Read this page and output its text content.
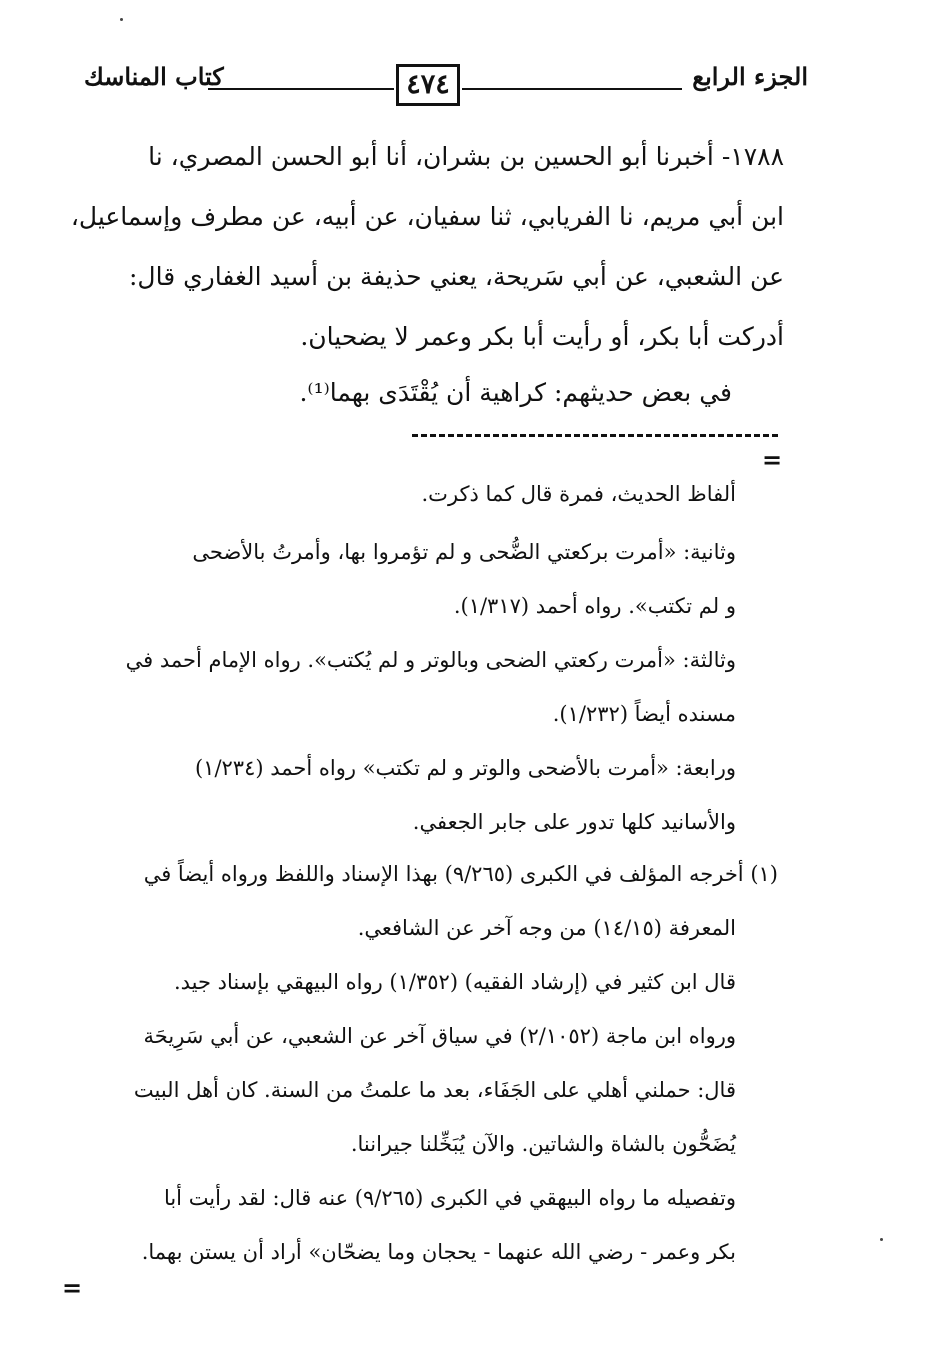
الجزء الرابع
٤٧٤
كتاب المناسك
١٧٨٨- أخبرنا أبو الحسين بن بشران، أنا أبو الحسن المصري، نا
ابن أبي مريم، نا الفريابي، ثنا سفيان، عن أبيه، عن مطرف وإسماعيل،
عن الشعبي، عن أبي سَريحة، يعني حذيفة بن أسيد الغفاري قال:
أدركت أبا بكر، أو رأيت أبا بكر وعمر لا يضحيان.
في بعض حديثهم: كراهية أن يُقْتَدَى بهما⁽¹⁾.
=
ألفاظ الحديث، فمرة قال كما ذكرت.
وثانية: «أمرت بركعتي الضُّحى و لم تؤمروا بها، وأمرتُ بالأضحى
و لم تكتب». رواه أحمد (١/٣١٧).
وثالثة: «أمرت ركعتي الضحى وبالوتر و لم يُكتب». رواه الإمام أحمد في
مسنده أيضاً (١/٢٣٢).
ورابعة: «أمرت بالأضحى والوتر و لم تكتب» رواه أحمد (١/٢٣٤)
والأسانيد كلها تدور على جابر الجعفي.
(١) أخرجه المؤلف في الكبرى (٩/٢٦٥) بهذا الإسناد واللفظ ورواه أيضاً في
المعرفة (١٤/١٥) من وجه آخر عن الشافعي.
قال ابن كثير في (إرشاد الفقيه) (١/٣٥٢) رواه البيهقي بإسناد جيد.
ورواه ابن ماجة (٢/١٠٥٢) في سياق آخر عن الشعبي، عن أبي سَرِيحَة
قال: حملني أهلي على الجَفَاء، بعد ما علمتُ من السنة. كان أهل البيت
يُضَحُّون بالشاة والشاتين. والآن يُبَخِّلنا جيراننا.
وتفصيله ما رواه البيهقي في الكبرى (٩/٢٦٥) عنه قال: لقد رأيت أبا
بكر وعمر - رضي الله عنهما - يحجان وما يضحّان» أراد أن يستن بهما.
=
